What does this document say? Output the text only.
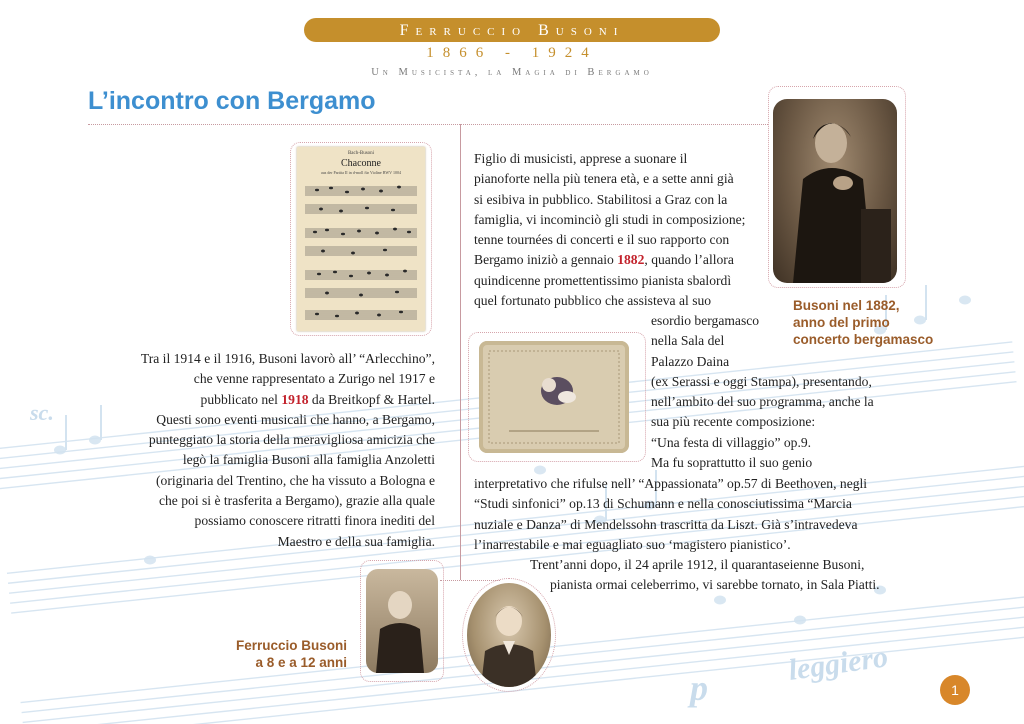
sc.
leggiero
p
Ferruccio Busoni
1866 - 1924
Un Musicista, la Magia di Bergamo
L’incontro con Bergamo
Bach-Busoni
Chaconne
aus der Partita II in d-moll für Violine BWV 1004
Busoni nel 1882,
anno del primo
concerto bergamasco
Ferruccio Busoni
a 8 e a 12 anni
Figlio di musicisti, apprese a suonare il
pianoforte nella più tenera età, e a sette anni già
si esibiva in pubblico. Stabilitosi a Graz con la
famiglia, vi incominciò gli studi in composizione;
tenne tournées di concerti e il suo rapporto con
Bergamo iniziò a gennaio 1882, quando l’allora
quindicenne promettentissimo pianista sbalordì
quel fortunato pubblico che assisteva al suo
esordio bergamasco
nella Sala del
Palazzo Daina
(ex Serassi e oggi Stampa), presentando,
nell’ambito del suo programma, anche la
sua più recente composizione:
“Una festa di villaggio” op.9.
Ma fu soprattutto il suo genio
interpretativo che rifulse nell’ “Appassionata” op.57 di Beethoven, negli
“Studi sinfonici” op.13 di Schumann e nella conosciutissima “Marcia
nuziale e Danza” di Mendelssohn trascritta da Liszt. Già s’intravedeva
l’inarrestabile e mai eguagliato suo ‘magistero pianistico’.
Trent’anni dopo, il 24 aprile 1912, il quarantaseienne Busoni,
pianista ormai celeberrimo, vi sarebbe tornato, in Sala Piatti.
Tra il 1914 e il 1916, Busoni lavorò all’ “Arlecchino”,
che venne rappresentato a Zurigo nel 1917 e
pubblicato nel 1918 da Breitkopf & Hartel.
Questi sono eventi musicali che hanno, a Bergamo,
punteggiato la storia della meravigliosa amicizia che
legò la famiglia Busoni alla famiglia Anzoletti
(originaria del Trentino, che ha vissuto a Bologna e
che poi si è trasferita a Bergamo), grazie alla quale
possiamo conoscere ritratti finora inediti del
Maestro e della sua famiglia.
1
